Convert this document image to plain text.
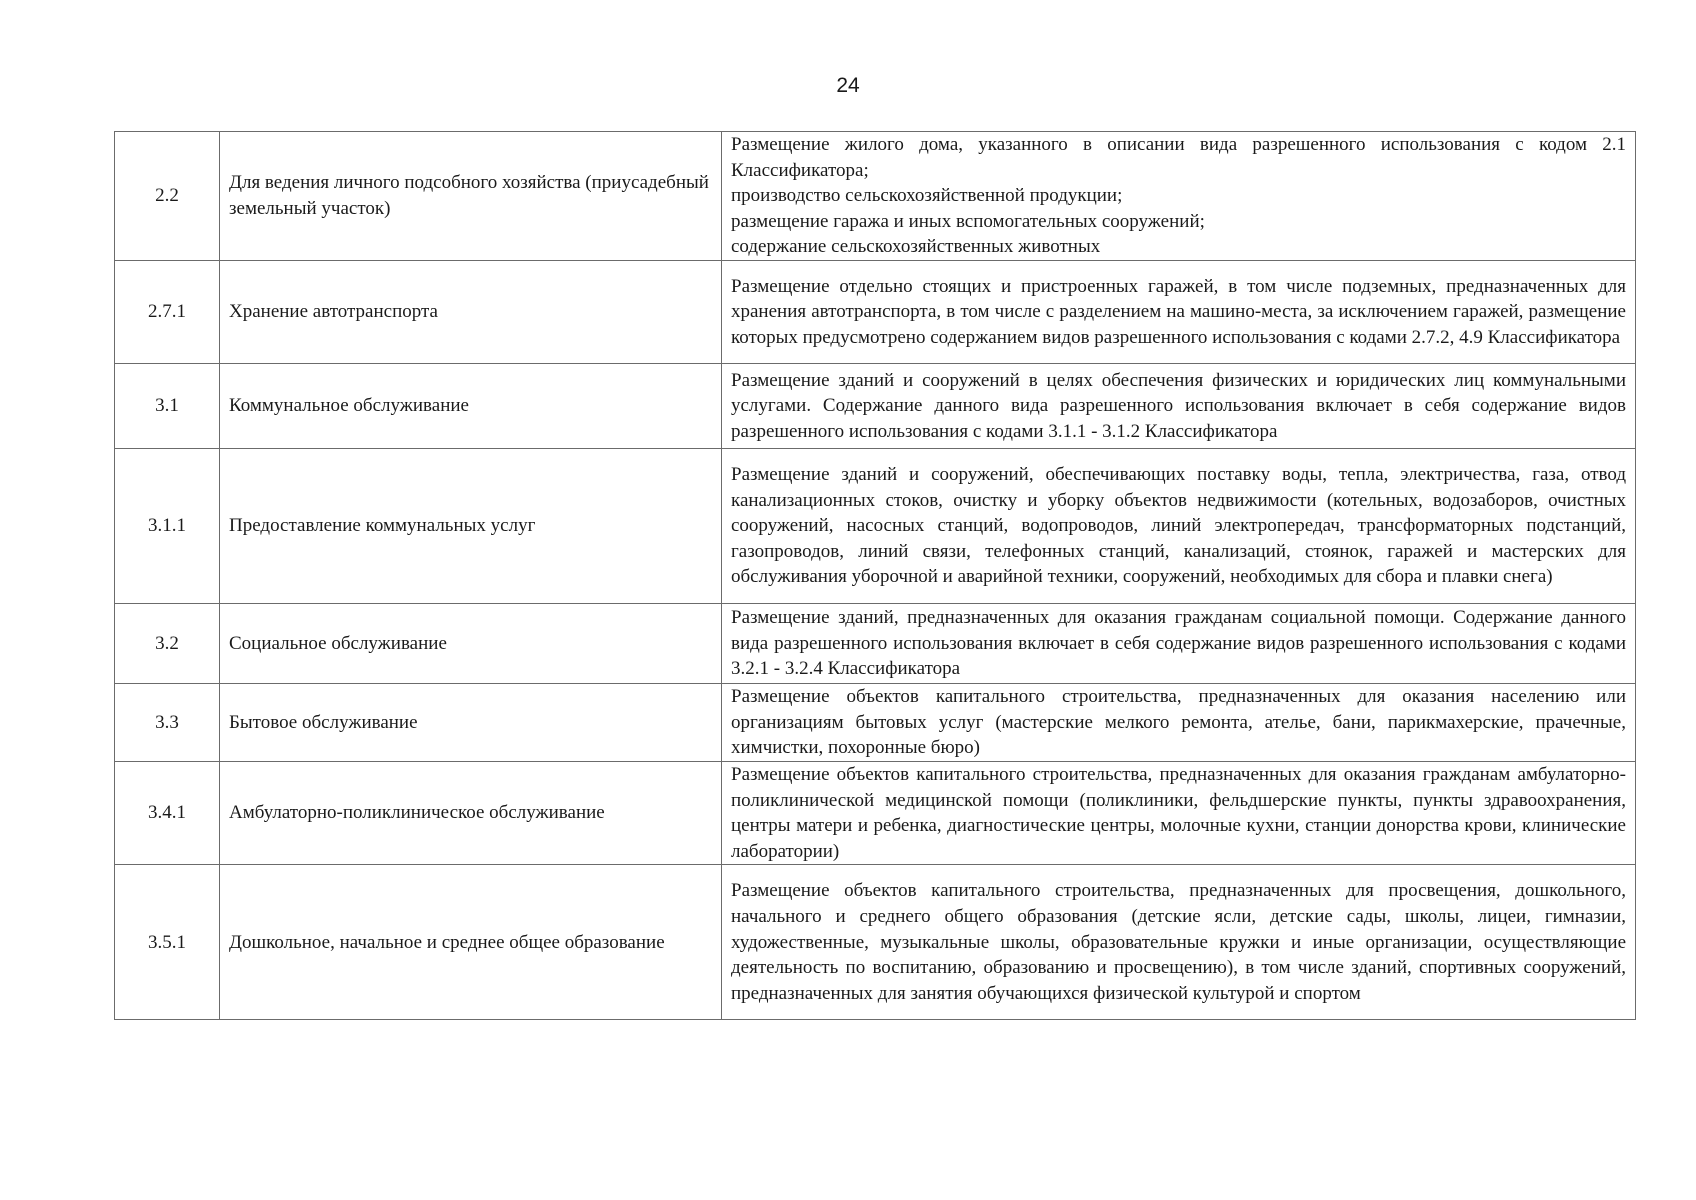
24
2.2	Для ведения личного подсобного хозяйства (приусадебный земельный участок)	Размещение жилого дома, указанного в описании вида разрешенного использования с кодом 2.1 Классификатора;
производство сельскохозяйственной продукции;
размещение гаража и иных вспомогательных сооружений;
содержание сельскохозяйственных животных

2.7.1	Хранение автотранспорта	Размещение отдельно стоящих и пристроенных гаражей, в том числе подземных, предназначенных для хранения автотранспорта, в том числе с разделением на машино-места, за исключением гаражей, размещение которых предусмотрено содержанием видов разрешенного использования с кодами 2.7.2, 4.9 Классификатора

3.1	Коммунальное обслуживание	Размещение зданий и сооружений в целях обеспечения физических и юридических лиц коммунальными услугами. Содержание данного вида разрешенного использования включает в себя содержание видов разрешенного использования с кодами 3.1.1 - 3.1.2 Классификатора

3.1.1	Предоставление коммунальных услуг	Размещение зданий и сооружений, обеспечивающих поставку воды, тепла, электричества, газа, отвод канализационных стоков, очистку и уборку объектов недвижимости (котельных, водозаборов, очистных сооружений, насосных станций, водопроводов, линий электропередач, трансформаторных подстанций, газопроводов, линий связи, телефонных станций, канализаций, стоянок, гаражей и мастерских для обслуживания уборочной и аварийной техники, сооружений, необходимых для сбора и плавки снега)

3.2	Социальное обслуживание	Размещение зданий, предназначенных для оказания гражданам социальной помощи. Содержание данного вида разрешенного использования включает в себя содержание видов разрешенного использования с кодами 3.2.1 - 3.2.4 Классификатора

3.3	Бытовое обслуживание	Размещение объектов капитального строительства, предназначенных для оказания населению или организациям бытовых услуг (мастерские мелкого ремонта, ателье, бани, парикмахерские, прачечные, химчистки, похоронные бюро)

3.4.1	Амбулаторно-поликлиническое обслуживание	Размещение объектов капитального строительства, предназначенных для оказания гражданам амбулаторно-поликлинической медицинской помощи (поликлиники, фельдшерские пункты, пункты здравоохранения, центры матери и ребенка, диагностические центры, молочные кухни, станции донорства крови, клинические лаборатории)

3.5.1	Дошкольное, начальное и среднее общее образование	Размещение объектов капитального строительства, предназначенных для просвещения, дошкольного, начального и среднего общего образования (детские ясли, детские сады, школы, лицеи, гимназии, художественные, музыкальные школы, образовательные кружки и иные организации, осуществляющие деятельность по воспитанию, образованию и просвещению), в том числе зданий, спортивных сооружений, предназначенных для занятия обучающихся физической культурой и спортом
